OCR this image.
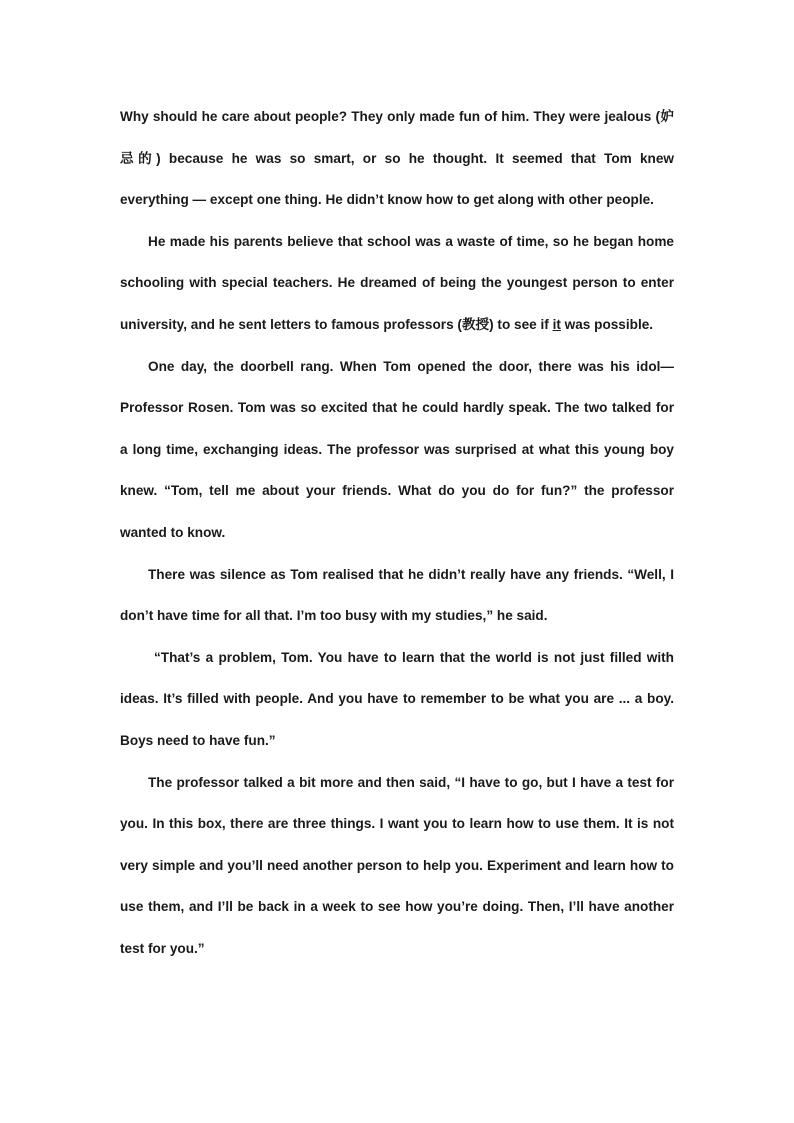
Why should he care about people? They only made fun of him. They were jealous (妒忌的) because he was so smart, or so he thought. It seemed that Tom knew everything — except one thing. He didn’t know how to get along with other people.

He made his parents believe that school was a waste of time, so he began home schooling with special teachers. He dreamed of being the youngest person to enter university, and he sent letters to famous professors (教授) to see if it was possible.

One day, the doorbell rang. When Tom opened the door, there was his idol—Professor Rosen. Tom was so excited that he could hardly speak. The two talked for a long time, exchanging ideas. The professor was surprised at what this young boy knew. “Tom, tell me about your friends. What do you do for fun?” the professor wanted to know.

There was silence as Tom realised that he didn’t really have any friends. “Well, I don’t have time for all that. I’m too busy with my studies,” he said.

“That’s a problem, Tom. You have to learn that the world is not just filled with ideas. It’s filled with people. And you have to remember to be what you are ... a boy. Boys need to have fun.”

The professor talked a bit more and then said, “I have to go, but I have a test for you. In this box, there are three things. I want you to learn how to use them. It is not very simple and you’ll need another person to help you. Experiment and learn how to use them, and I’ll be back in a week to see how you’re doing. Then, I’ll have another test for you.”
